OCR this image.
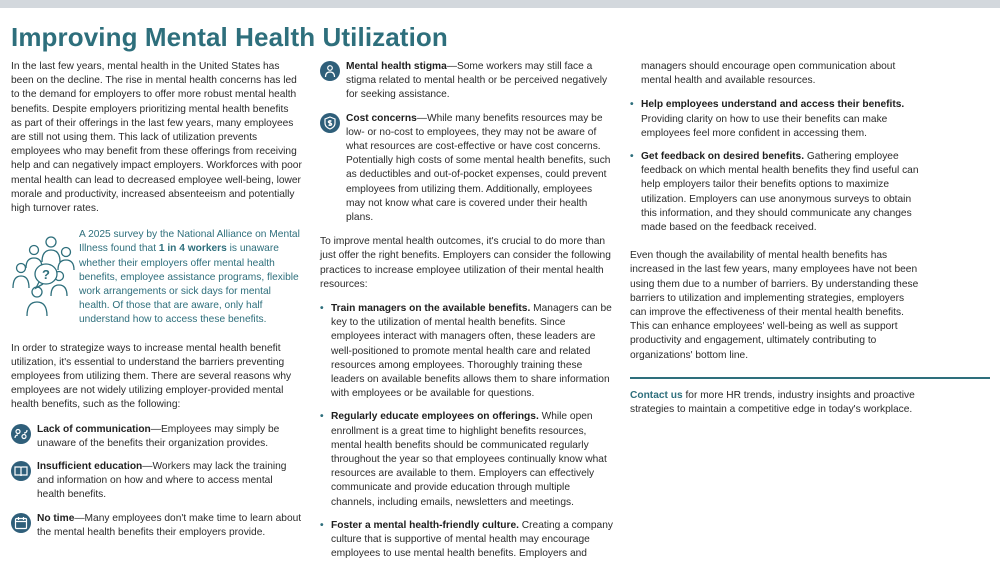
Improving Mental Health Utilization

In the last few years, mental health in the United States has been on the decline. The rise in mental health concerns has led to the demand for employers to offer more robust mental health benefits. Despite employers prioritizing mental health benefits as part of their offerings in the last few years, many employees are still not using them. This lack of utilization prevents employees who may benefit from these offerings from receiving help and can negatively impact employers. Workforces with poor mental health can lead to decreased employee well-being, lower morale and productivity, increased absenteeism and potentially high turnover rates.

?
A 2025 survey by the National Alliance on Mental Illness found that 1 in 4 workers is unaware whether their employers offer mental health benefits, employee assistance programs, flexible work arrangements or sick days for mental health. Of those that are aware, only half understand how to access these benefits.

In order to strategize ways to increase mental health benefit utilization, it's essential to understand the barriers preventing employees from utilizing them. There are several reasons why employees are not widely utilizing employer-provided mental health benefits, such as the following:

Lack of communication—Employees may simply be unaware of the benefits their organization provides.
Insufficient education—Workers may lack the training and information on how and where to access mental health benefits.
No time—Many employees don't make time to learn about the mental health benefits their employers provide.
Mental health stigma—Some workers may still face a stigma related to mental health or be perceived negatively for seeking assistance.
Cost concerns—While many benefits resources may be low- or no-cost to employees, they may not be aware of what resources are cost-effective or have cost concerns. Potentially high costs of some mental health benefits, such as deductibles and out-of-pocket expenses, could prevent employees from utilizing them. Additionally, employees may not know what care is covered under their health plans.

To improve mental health outcomes, it's crucial to do more than just offer the right benefits. Employers can consider the following practices to increase employee utilization of their mental health resources:

• Train managers on the available benefits. Managers can be key to the utilization of mental health benefits. Since employees interact with managers often, these leaders are well-positioned to promote mental health care and related resources among employees. Thoroughly training these leaders on available benefits allows them to share information with employees or be available for questions.
• Regularly educate employees on offerings. While open enrollment is a great time to highlight benefits resources, mental health benefits should be communicated regularly throughout the year so that employees continually know what resources are available to them. Employers can effectively communicate and provide education through multiple channels, including emails, newsletters and meetings.
• Foster a mental health-friendly culture. Creating a company culture that is supportive of mental health may encourage employees to use mental health benefits. Employers and

managers should encourage open communication about mental health and available resources.

• Help employees understand and access their benefits. Providing clarity on how to use their benefits can make employees feel more confident in accessing them.
• Get feedback on desired benefits. Gathering employee feedback on which mental health benefits they find useful can help employers tailor their benefits options to maximize utilization. Employers can use anonymous surveys to obtain this information, and they should communicate any changes made based on the feedback received.

Even though the availability of mental health benefits has increased in the last few years, many employees have not been using them due to a number of barriers. By understanding these barriers to utilization and implementing strategies, employers can improve the effectiveness of their mental health benefits. This can enhance employees' well-being as well as support productivity and engagement, ultimately contributing to organizations' bottom line.

Contact us for more HR trends, industry insights and proactive strategies to maintain a competitive edge in today's workplace.
